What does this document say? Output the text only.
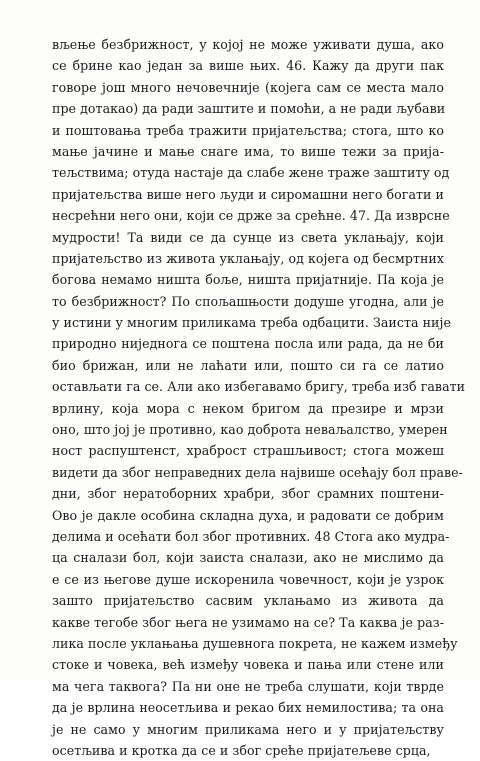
вљење безбрижност, у којој не може уживати душа, ако
се брине као један за више њих. 46. Кажу да други пак
говоре још много нечовечније (којега сам се места мало
пре дотакао) да ради заштите и помоћи, а не ради љубави
и поштовања треба тражити пријатељства; стога, што ко
мање јачине и мање снаге има, то више тежи за прија-
тељствима; отуда настаје да слабе жене траже заштиту од
пријатељства више него људи и сиромашни него богати и
несрећни него они, који се држе за срећне. 47. Да изврсне
мудрости! Та види се да сунце из света уклањају, који
пријатељство из живота уклањају, од којега од бесмртних
богова немамо ништа боље, ништа пријатније. Па која је
то безбрижност? По спољашњости додуше угодна, али је
у истини у многим приликама треба одбацити. Заиста није
природно ниједнога се поштена посла или рада, да не би
био брижан, или не лаћати или, пошто си га се латио
остављати га се. Али ако избегавамо бригу, треба изб гавати
врлину, која мора с неком бригом да презире и мрзи
оно, што јој је противно, као доброта неваљалство, умерен
ност распуштенст, храброст страшљивост; стога можеш
видети да због неправедних дела највише осећају бол праве-
дни, због нератоборних храбри, због срамних поштени-
Ово је дакле особина складна духа, и радовати се добрим
делима и осећати бол због противних. 48 Стога ако мудра-
ца сналази бол, који заиста сналази, ако не мислимо да
е се из његове душе искоренила човечност, који је узрок
зашто пријатељство сасвим уклањамо из живота да
какве тегобе због њега не узимамо на се? Та каква је раз-
лика после уклањања душевнога покрета, не кажем између
стоке и човека, већ између човека и пања или стене или
ма чега таквога? Па ни оне не треба слушати, који тврде
да је врлина неосетљива и рекао бих немилостива; та она
је не само у многим приликама него и у пријатељству
осетљива и кротка да се и због среће пријатељеве срца,
